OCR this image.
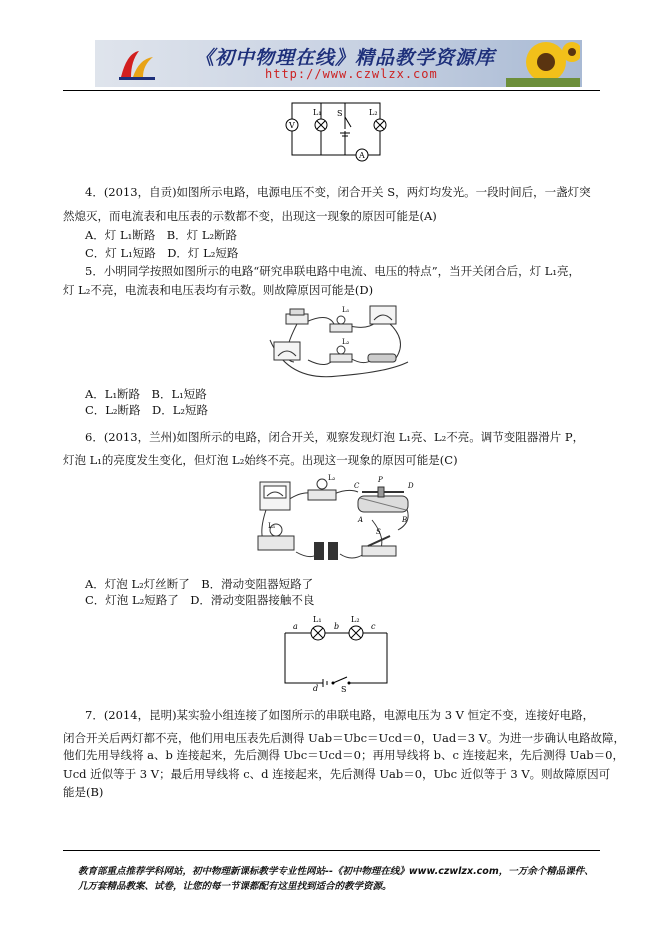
《初中物理在线》精品教学资源库
http://www.czwlzx.com
V
L₁ S	L₂
A
4．(2013，自贡)如图所示电路，电源电压不变，闭合开关 S，两灯均发光。一段时间后，一盏灯突
然熄灭，而电流表和电压表的示数都不变，出现这一现象的原因可能是(A)
A．灯 L₁断路　B．灯 L₂断路
C．灯 L₁短路　D．灯 L₂短路
5．小明同学按照如图所示的电路“研究串联电路中电流、电压的特点”，当开关闭合后，灯 L₁亮，
灯 L₂不亮，电流表和电压表均有示数。则故障原因可能是(D)
L₁
L₂
A．L₁断路　B．L₁短路
C．L₂断路　D．L₂短路
6．(2013，兰州)如图所示的电路，闭合开关，观察发现灯泡 L₁亮、L₂不亮。调节变阻器滑片 P，
灯泡 L₁的亮度发生变化，但灯泡 L₂始终不亮。出现这一现象的原因可能是(C)
L₁
L₂
C
P
D
A	B
S
A．灯泡 L₂灯丝断了　B．滑动变阻器短路了
C．灯泡 L₂短路了　D．滑动变阻器接触不良
a
L₁
b
L₂
c
d	S
7．(2014，昆明)某实验小组连接了如图所示的串联电路，电源电压为 3 V 恒定不变，连接好电路，
闭合开关后两灯都不亮，他们用电压表先后测得 Uab＝Ubc＝Ucd＝0，Uad＝3 V。为进一步确认电路故障，
他们先用导线将 a、b 连接起来，先后测得 Ubc＝Ucd＝0；再用导线将 b、c 连接起来，先后测得 Uab＝0，
Ucd 近似等于 3 V；最后用导线将 c、d 连接起来，先后测得 Uab＝0，Ubc 近似等于 3 V。则故障原因可
能是(B)
教育部重点推荐学科网站，初中物理新课标教学专业性网站--《初中物理在线》www.czwlzx.com，一万余个精品课件、
几万套精品教案、试卷，让您的每一节课都配有这里找到适合的教学资源。
